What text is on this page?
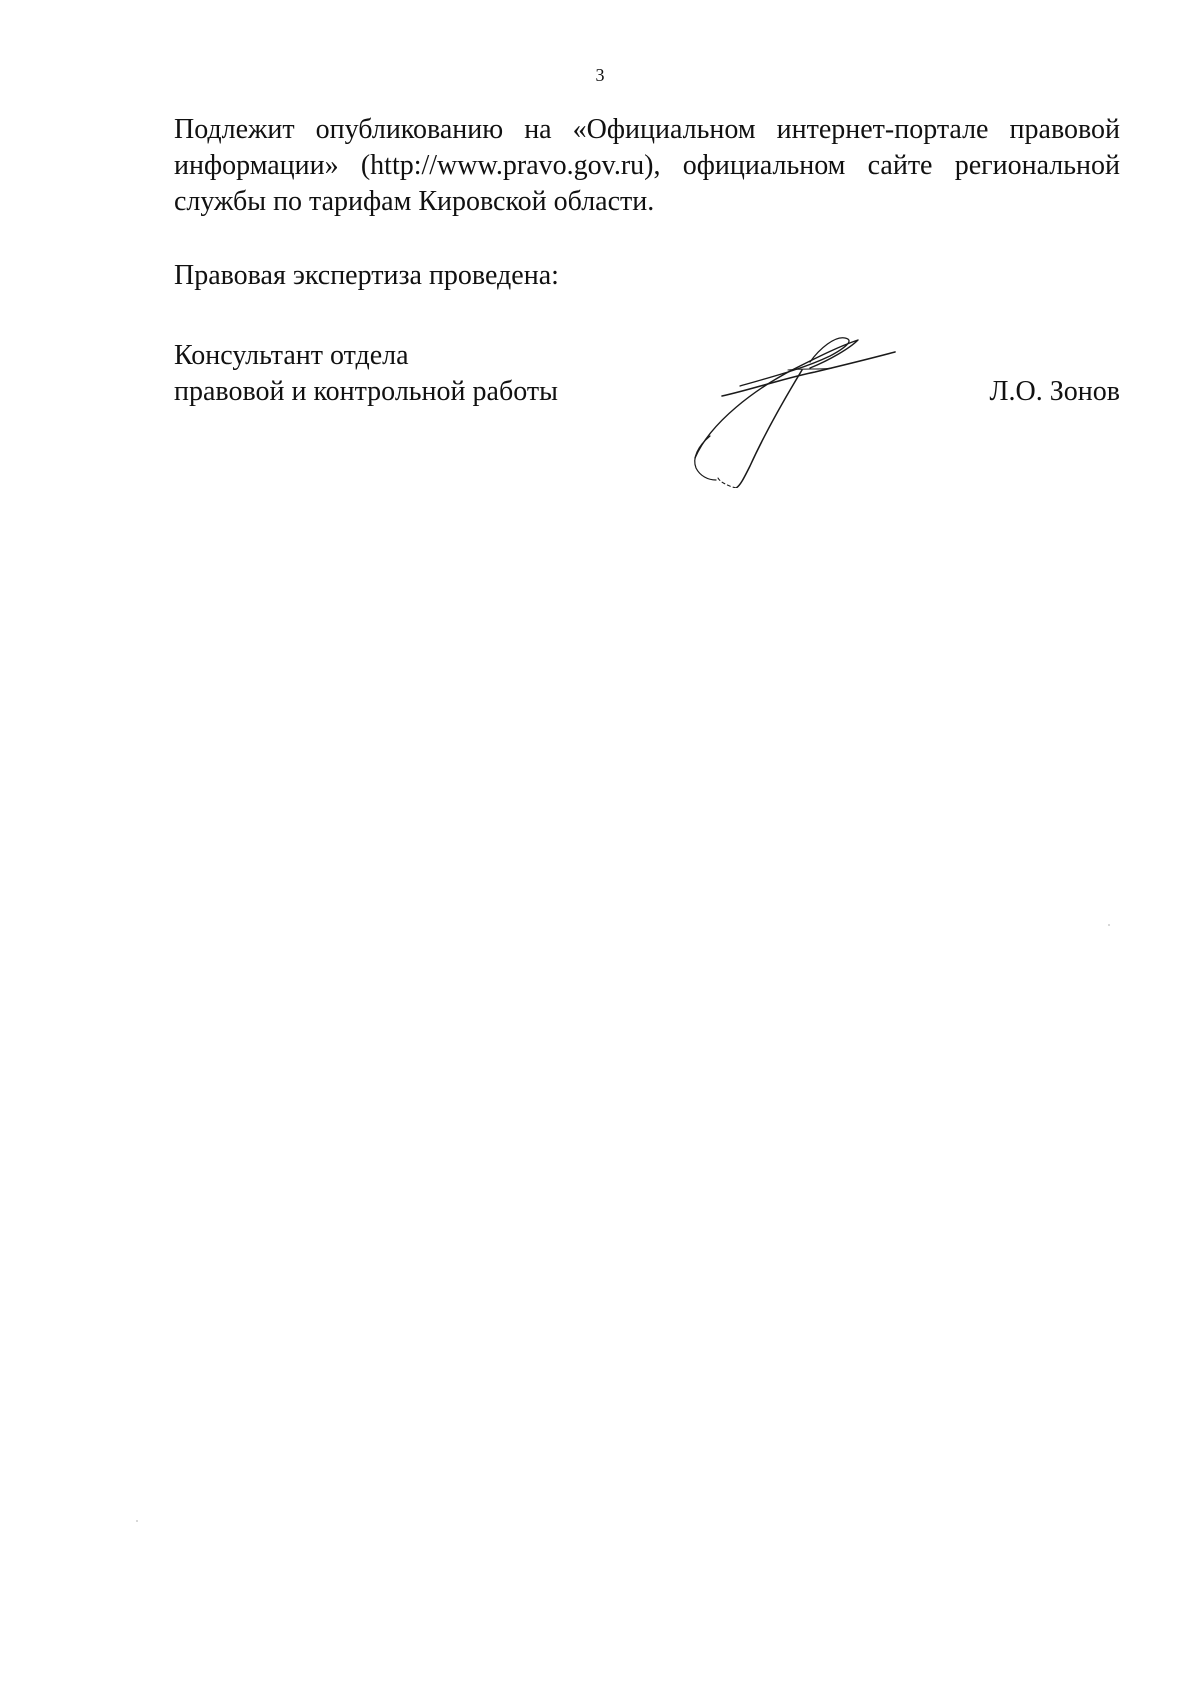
3

Подлежит опубликованию на «Официальном интернет-портале правовой информации» (http://www.pravo.gov.ru), официальном сайте региональной службы по тарифам Кировской области.

Правовая экспертиза проведена:

Консультант отдела
правовой и контрольной работы	Л.О. Зонов
